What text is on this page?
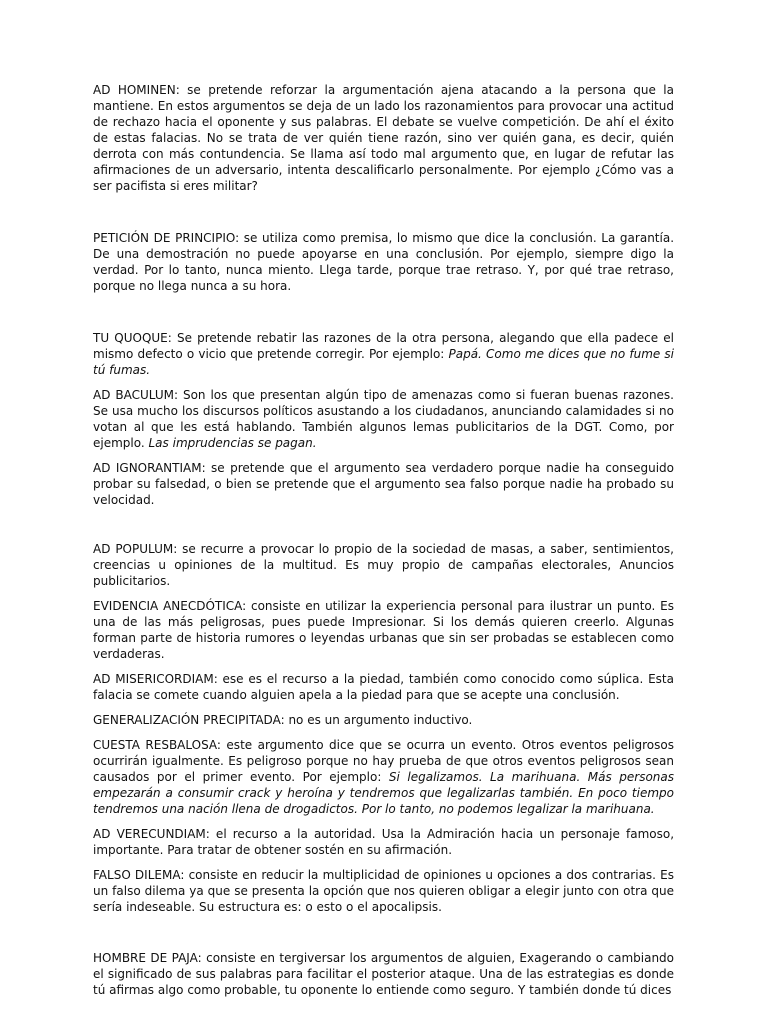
AD HOMINEN: se pretende reforzar la argumentación ajena atacando a la persona que la mantiene. En estos argumentos se deja de un lado los razonamientos para provocar una actitud de rechazo hacia el oponente y sus palabras. El debate se vuelve competición. De ahí el éxito de estas falacias. No se trata de ver quién tiene razón, sino ver quién gana, es decir, quién derrota con más contundencia. Se llama así todo mal argumento que, en lugar de refutar las afirmaciones de un adversario, intenta descalificarlo personalmente. Por ejemplo ¿Cómo vas a ser pacifista si eres militar?

PETICIÓN DE PRINCIPIO: se utiliza como premisa, lo mismo que dice la conclusión. La garantía. De una demostración no puede apoyarse en una conclusión. Por ejemplo, siempre digo la verdad. Por lo tanto, nunca miento. Llega tarde, porque trae retraso. Y, por qué trae retraso, porque no llega nunca a su hora.

TU QUOQUE: Se pretende rebatir las razones de la otra persona, alegando que ella padece el mismo defecto o vicio que pretende corregir. Por ejemplo: Papá. Como me dices que no fume si tú fumas.

AD BACULUM: Son los que presentan algún tipo de amenazas como si fueran buenas razones. Se usa mucho los discursos políticos asustando a los ciudadanos, anunciando calamidades si no votan al que les está hablando. También algunos lemas publicitarios de la DGT. Como, por ejemplo. Las imprudencias se pagan.

AD IGNORANTIAM: se pretende que el argumento sea verdadero porque nadie ha conseguido probar su falsedad, o bien se pretende que el argumento sea falso porque nadie ha probado su velocidad.

AD POPULUM: se recurre a provocar lo propio de la sociedad de masas, a saber, sentimientos, creencias u opiniones de la multitud. Es muy propio de campañas electorales, Anuncios publicitarios.

EVIDENCIA ANECDÓTICA: consiste en utilizar la experiencia personal para ilustrar un punto. Es una de las más peligrosas, pues puede Impresionar. Si los demás quieren creerlo. Algunas forman parte de historia rumores o leyendas urbanas que sin ser probadas se establecen como verdaderas.

AD MISERICORDIAM: ese es el recurso a la piedad, también como conocido como súplica. Esta falacia se comete cuando alguien apela a la piedad para que se acepte una conclusión.

GENERALIZACIÓN PRECIPITADA: no es un argumento inductivo.

CUESTA RESBALOSA: este argumento dice que se ocurra un evento. Otros eventos peligrosos ocurrirán igualmente. Es peligroso porque no hay prueba de que otros eventos peligrosos sean causados por el primer evento. Por ejemplo: Si legalizamos. La marihuana. Más personas empezarán a consumir crack y heroína y tendremos que legalizarlas también. En poco tiempo tendremos una nación llena de drogadictos. Por lo tanto, no podemos legalizar la marihuana.

AD VERECUNDIAM: el recurso a la autoridad. Usa la Admiración hacia un personaje famoso, importante. Para tratar de obtener sostén en su afirmación.

FALSO DILEMA: consiste en reducir la multiplicidad de opiniones u opciones a dos contrarias. Es un falso dilema ya que se presenta la opción que nos quieren obligar a elegir junto con otra que sería indeseable. Su estructura es: o esto o el apocalipsis.

HOMBRE DE PAJA: consiste en tergiversar los argumentos de alguien, Exagerando o cambiando el significado de sus palabras para facilitar el posterior ataque. Una de las estrategias es donde tú afirmas algo como probable, tu oponente lo entiende como seguro. Y también donde tú dices
